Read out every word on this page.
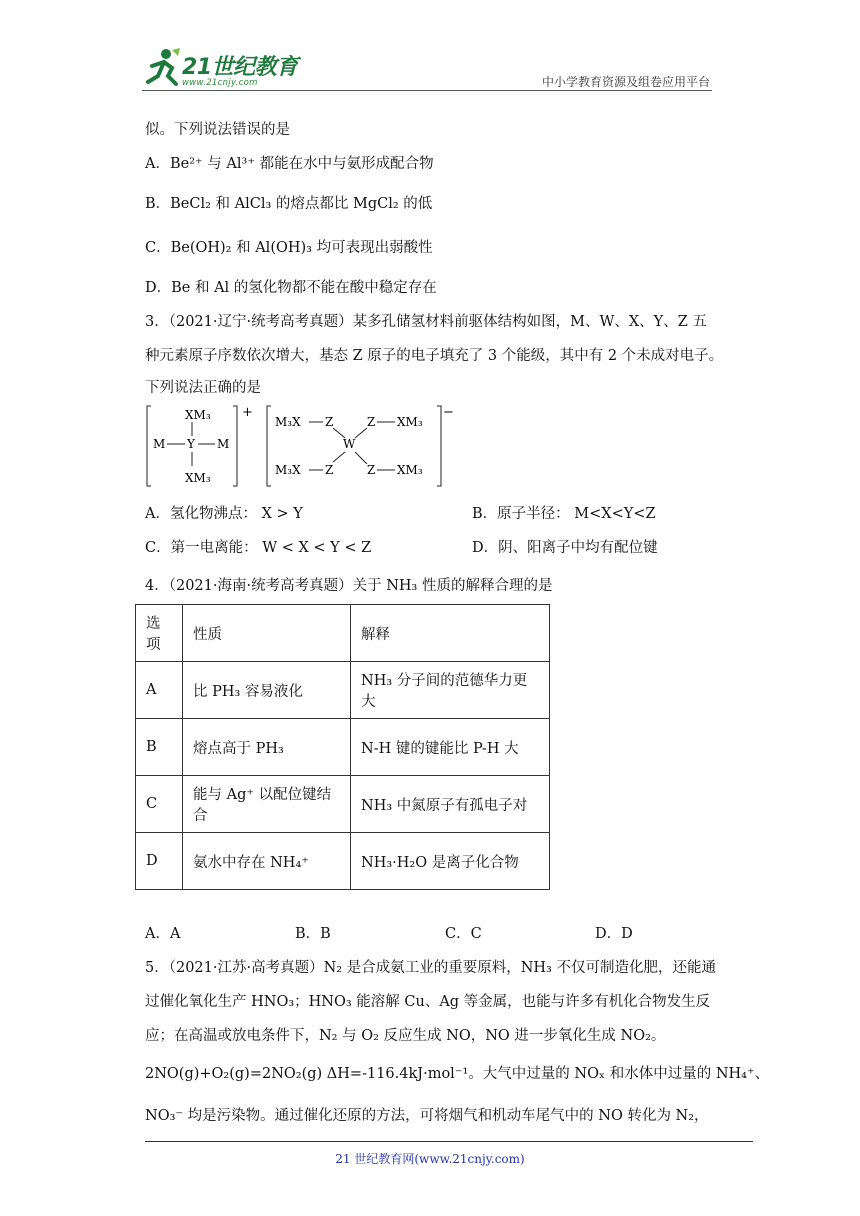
21世纪教育
www.21cnjy.com	中小学教育资源及组卷应用平台
似。下列说法错误的是
A．Be²⁺ 与 Al³⁺ 都能在水中与氨形成配合物
B．BeCl₂ 和 AlCl₃ 的熔点都比 MgCl₂ 的低
C．Be(OH)₂ 和 Al(OH)₃ 均可表现出弱酸性
D．Be 和 Al 的氢化物都不能在酸中稳定存在
3．（2021·辽宁·统考高考真题）某多孔储氢材料前驱体结构如图，M、W、X、Y、Z 五
种元素原子序数依次增大，基态 Z 原子的电子填充了 3 个能级，其中有 2 个未成对电子。
下列说法正确的是
+
XM₃
M Y M
XM₃
−
M₃X Z
W
Z XM₃
M₃X Z	Z XM₃
A．氢化物沸点： X > Y	B．原子半径： M<X<Y<Z
C．第一电离能： W < X < Y < Z	D．阴、阳离子中均有配位键
4．（2021·海南·统考高考真题）关于 NH₃ 性质的解释合理的是
选项	性质	解释
A	比 PH₃ 容易液化	NH₃ 分子间的范德华力更大
B	熔点高于 PH₃	N-H 键的键能比 P-H 大
C	能与 Ag⁺ 以配位键结合	NH₃ 中氮原子有孤电子对
D	氨水中存在 NH₄⁺	NH₃·H₂O 是离子化合物
A．A	B．B	C．C	D．D
5．（2021·江苏·高考真题）N₂ 是合成氨工业的重要原料，NH₃ 不仅可制造化肥，还能通
过催化氧化生产 HNO₃；HNO₃ 能溶解 Cu、Ag 等金属，也能与许多有机化合物发生反
应；在高温或放电条件下，N₂ 与 O₂ 反应生成 NO，NO 进一步氧化生成 NO₂。
2NO(g)+O₂(g)=2NO₂(g) ΔH=-116.4kJ·mol⁻¹。大气中过量的 NOₓ 和水体中过量的 NH₄⁺、
NO₃⁻ 均是污染物。通过催化还原的方法，可将烟气和机动车尾气中的 NO 转化为 N₂，
21 世纪教育网(www.21cnjy.com)
